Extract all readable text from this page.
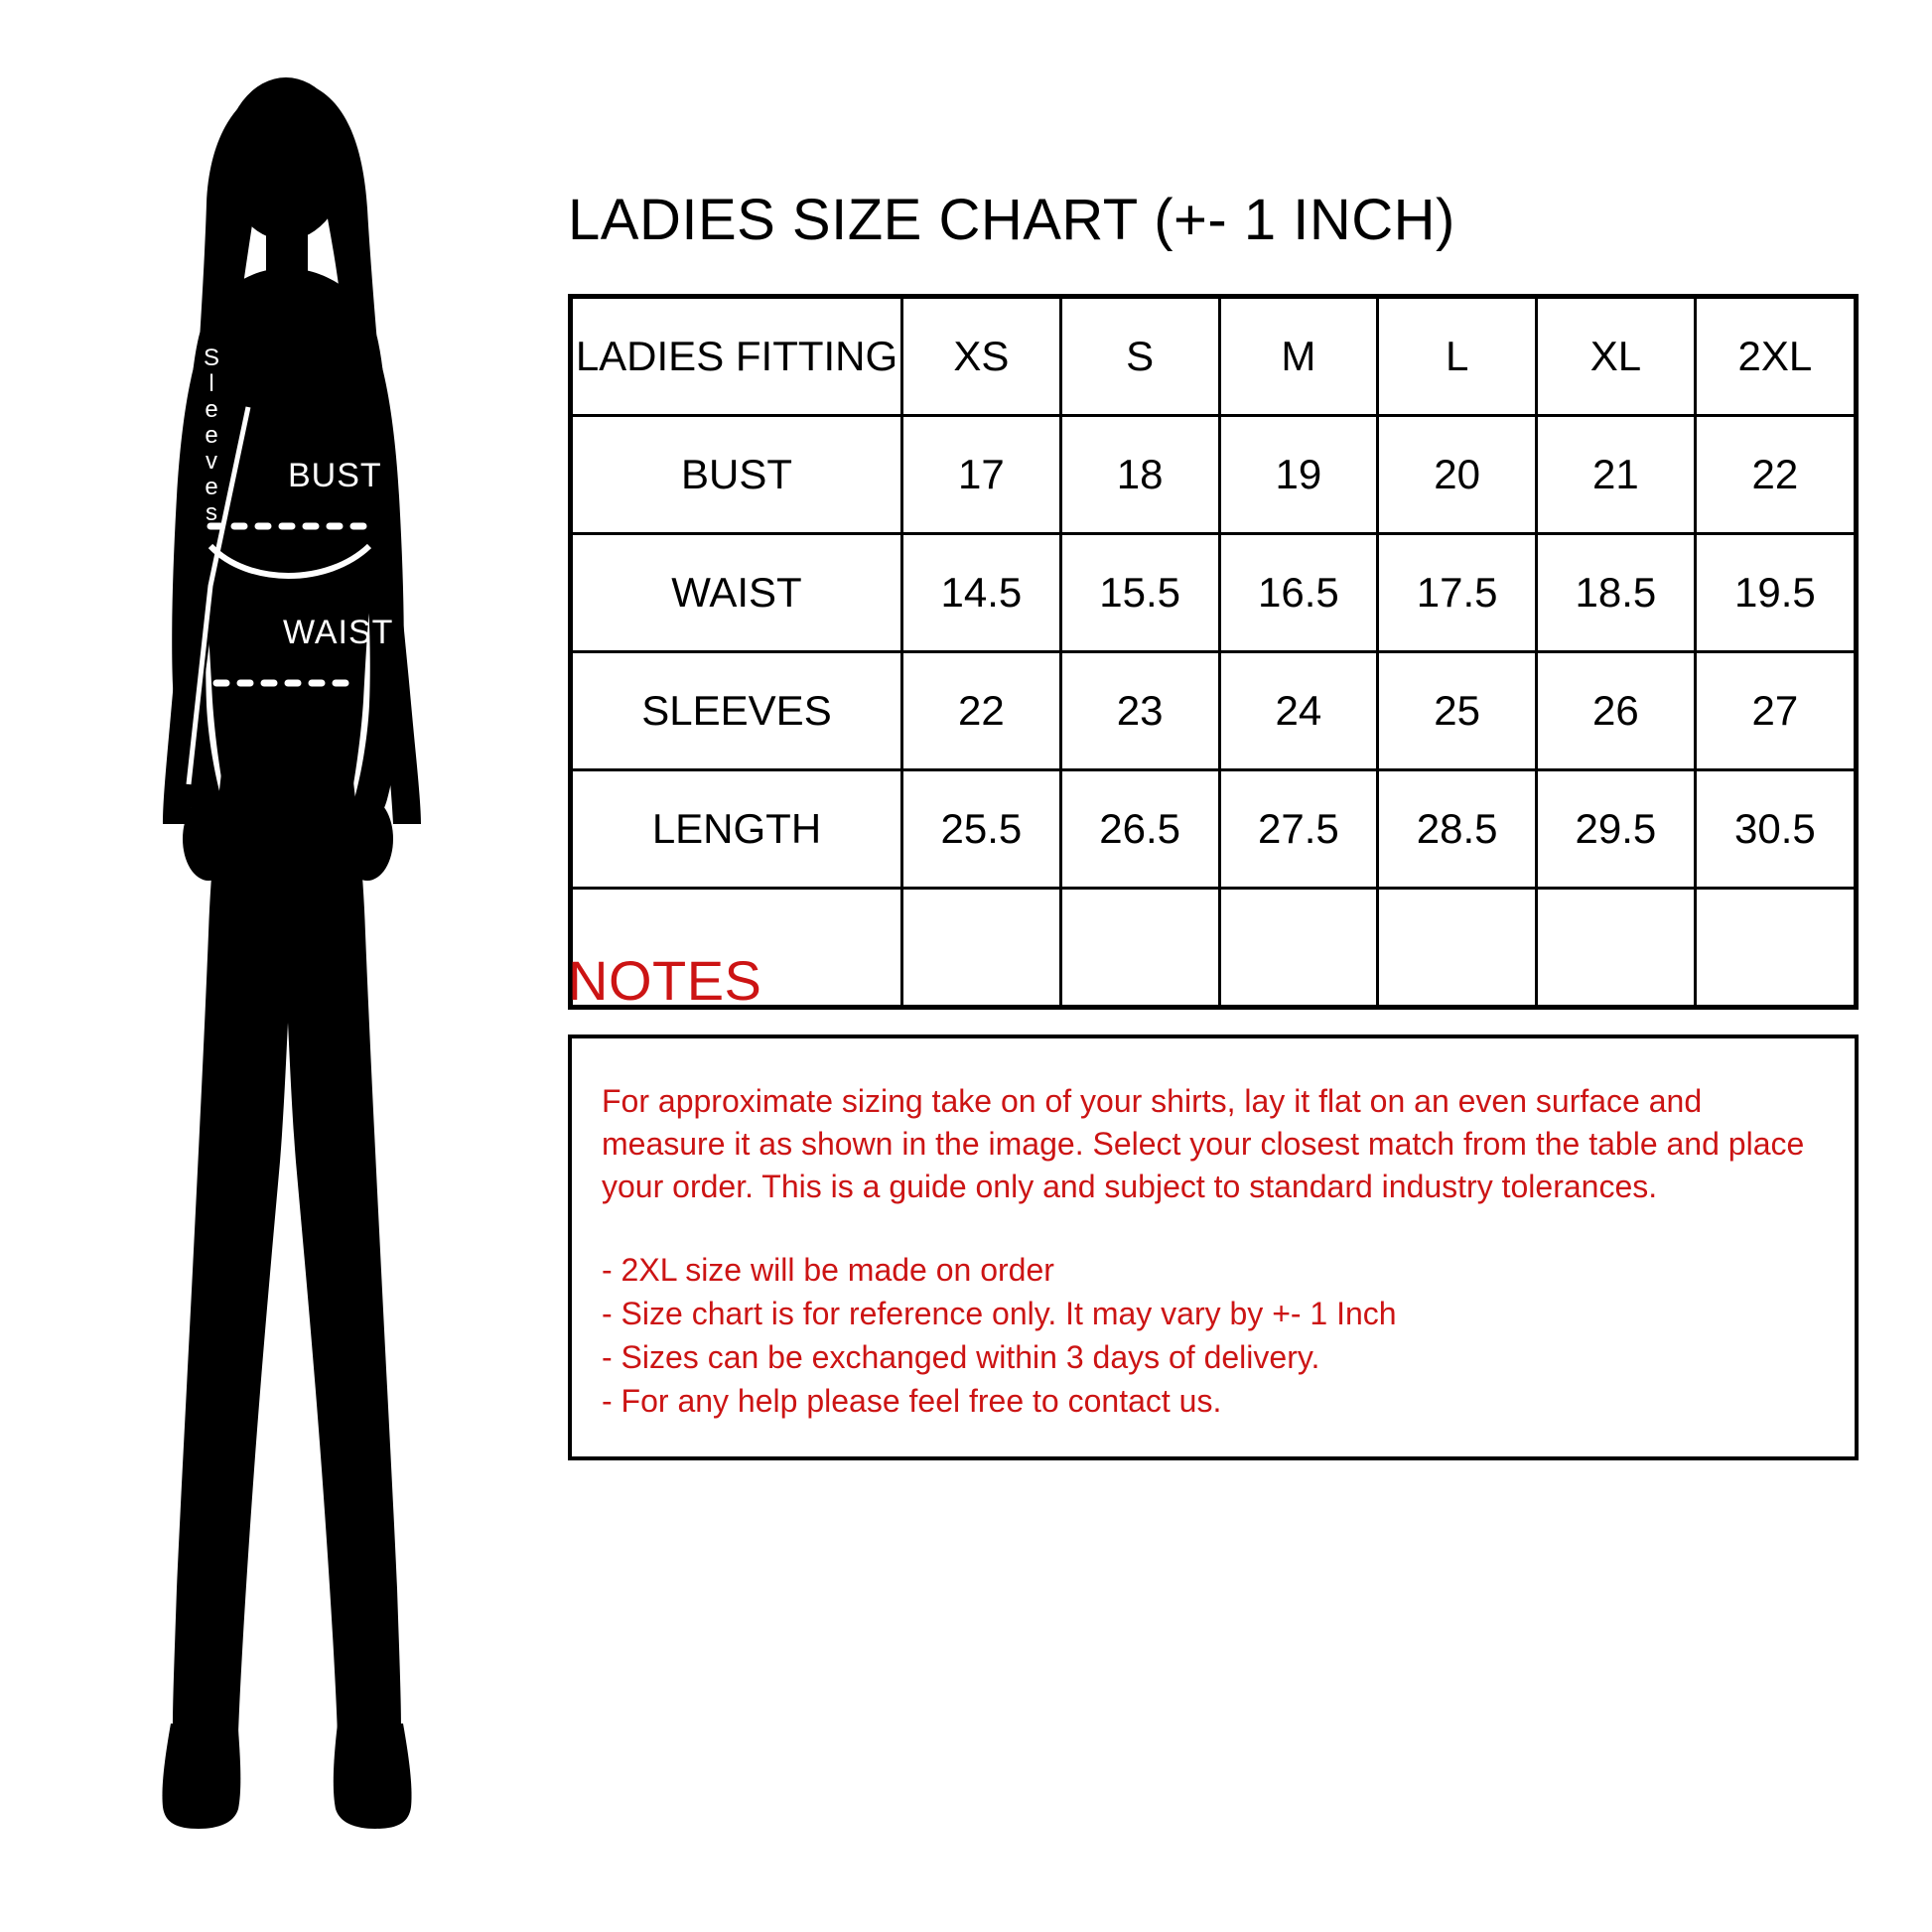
BUST
WAIST
S
l
e
e
v
e
s
LADIES SIZE CHART (+- 1 INCH)
LADIES FITTING	XS	S	M	L	XL	2XL
BUST	17	18	19	20	21	22
WAIST	14.5	15.5	16.5	17.5	18.5	19.5
SLEEVES	22	23	24	25	26	27
LENGTH	25.5	26.5	27.5	28.5	29.5	30.5

NOTES

For approximate sizing take on of your shirts, lay it flat on an even surface and measure it as shown in the image. Select your closest match from the table and place your order. This is a guide only and subject to standard industry tolerances.

- 2XL size will be made on order

- Size chart is for reference only. It may vary by +- 1 Inch

- Sizes can be exchanged within 3 days of delivery.

- For any help please feel free to contact us.
